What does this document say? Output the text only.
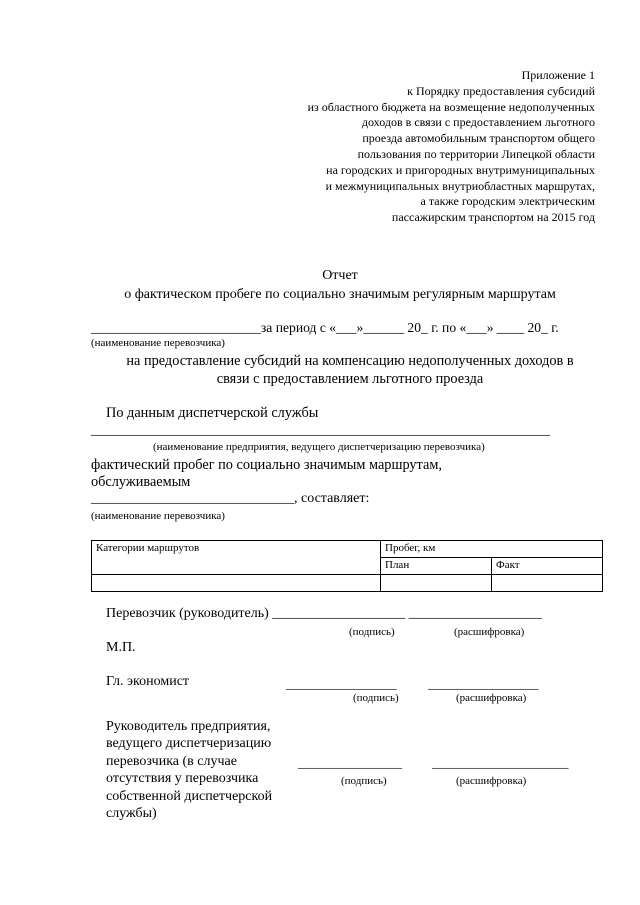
Приложение 1
к Порядку предоставления субсидий
из областного бюджета на возмещение недополученных
доходов в связи с предоставлением льготного
проезда автомобильным транспортом общего
пользования по территории Липецкой области
на городских и пригородных внутримуниципальных
и межмуниципальных внутриобластных маршрутах,
а также городским электрическим
пассажирским транспортом на 2015 год
Отчет
о фактическом пробеге по социально значимым регулярным маршрутам
_________________________за период с «___»______ 20_ г. по «___» ____ 20_ г.
(наименование перевозчика)
на предоставление субсидий на компенсацию недополученных доходов в
связи с предоставлением льготного проезда
По данным диспетчерской службы
____________________________________________________________________
(наименование предприятия, ведущего диспетчеризацию перевозчика)
фактический пробег по социально значимым маршрутам,
обслуживаемым
_____________________________, составляет:
(наименование перевозчика)
Категории маршрутов	Пробег, км	
	План	Факт

Перевозчик (руководитель) ___________________ ___________________
(подпись)	(расшифровка)
М.П.
Гл. экономист	_________________ _________________
(подпись)	(расшифровка)
Руководитель предприятия,
ведущего диспетчеризацию
перевозчика (в случае
отсутствия у перевозчика
собственной диспетчерской
службы)
________________ _____________________
(подпись)	(расшифровка)
